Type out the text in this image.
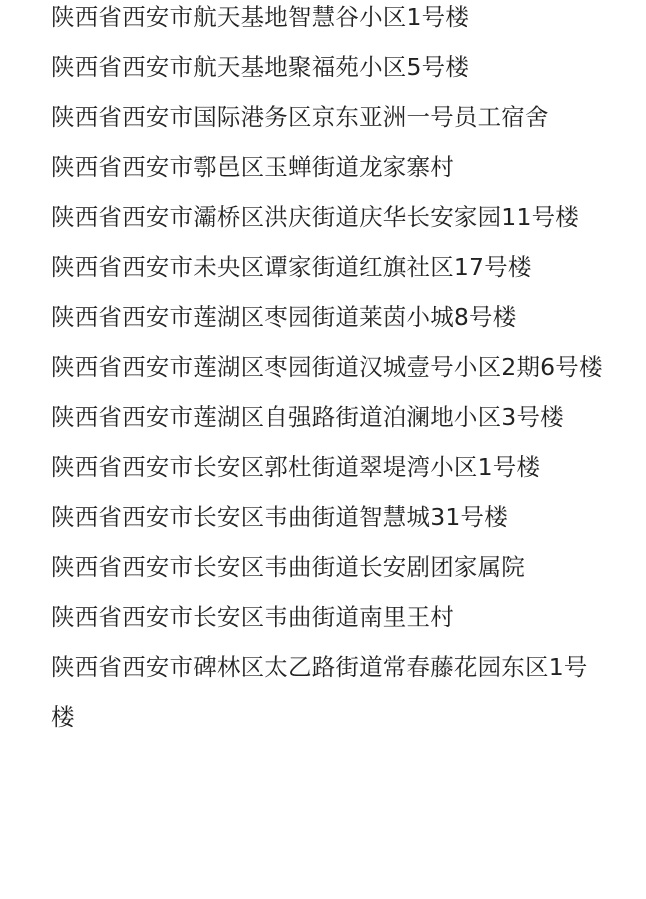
陕西省西安市航天基地智慧谷小区1号楼
陕西省西安市航天基地聚福苑小区5号楼
陕西省西安市国际港务区京东亚洲一号员工宿舍
陕西省西安市鄠邑区玉蝉街道龙家寨村
陕西省西安市灞桥区洪庆街道庆华长安家园11号楼
陕西省西安市未央区谭家街道红旗社区17号楼
陕西省西安市莲湖区枣园街道莱茵小城8号楼
陕西省西安市莲湖区枣园街道汉城壹号小区2期6号楼
陕西省西安市莲湖区自强路街道泊澜地小区3号楼
陕西省西安市长安区郭杜街道翠堤湾小区1号楼
陕西省西安市长安区韦曲街道智慧城31号楼
陕西省西安市长安区韦曲街道长安剧团家属院
陕西省西安市长安区韦曲街道南里王村
陕西省西安市碑林区太乙路街道常春藤花园东区1号楼
